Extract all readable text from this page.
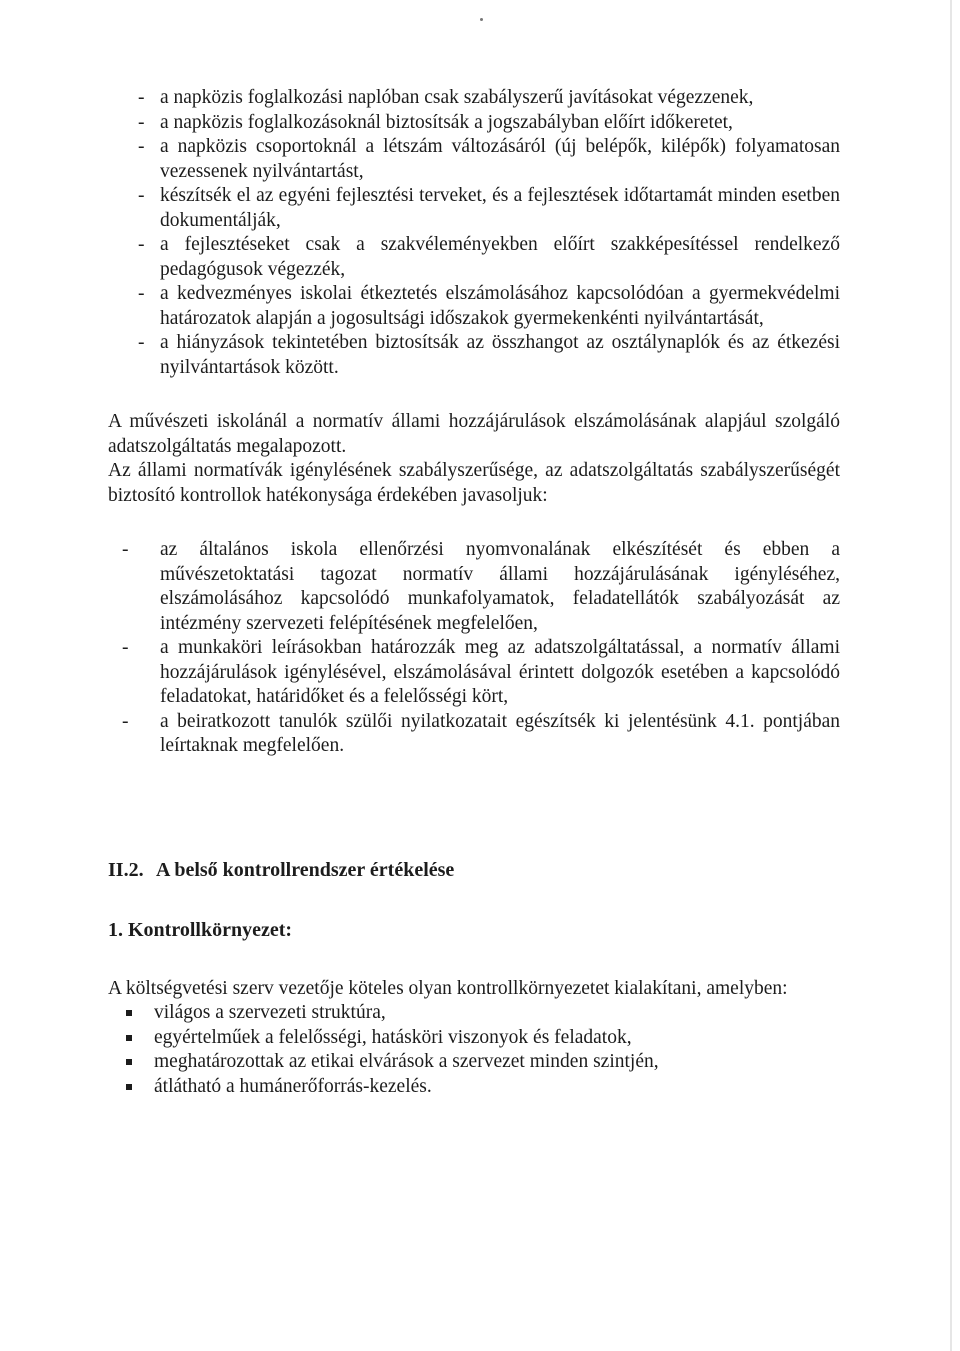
- a napközis foglalkozási naplóban csak szabályszerű javításokat végezzenek,
- a napközis foglalkozásoknál biztosítsák a jogszabályban előírt időkeretet,
- a napközis csoportoknál a létszám változásáról (új belépők, kilépők) folyamatosan vezessenek nyilvántartást,
- készítsék el az egyéni fejlesztési terveket, és a fejlesztések időtartamát minden esetben dokumentálják,
- a fejlesztéseket csak a szakvéleményekben előírt szakképesítéssel rendelkező pedagógusok végezzék,
- a kedvezményes iskolai étkeztetés elszámolásához kapcsolódóan a gyermekvédelmi határozatok alapján a jogosultsági időszakok gyermekenkénti nyilvántartását,
- a hiányzások tekintetében biztosítsák az összhangot az osztálynaplók és az étkezési nyilvántartások között.

A művészeti iskolánál a normatív állami hozzájárulások elszámolásának alapjául szolgáló adatszolgáltatás megalapozott.

Az állami normatívák igénylésének szabályszerűsége, az adatszolgáltatás szabályszerűségét biztosító kontrollok hatékonysága érdekében javasoljuk:

- az általános iskola ellenőrzési nyomvonalának elkészítését és ebben a művészetoktatási tagozat normatív állami hozzájárulásának igényléséhez, elszámolásához kapcsolódó munkafolyamatok, feladatellátók szabályozását az intézmény szervezeti felépítésének megfelelően,
- a munkaköri leírásokban határozzák meg az adatszolgáltatással, a normatív állami hozzájárulások igénylésével, elszámolásával érintett dolgozók esetében a kapcsolódó feladatokat, határidőket és a felelősségi kört,
- a beiratkozott tanulók szülői nyilatkozatait egészítsék ki jelentésünk 4.1. pontjában leírtaknak megfelelően.
II.2. A belső kontrollrendszer értékelése
1. Kontrollkörnyezet:

A költségvetési szerv vezetője köteles olyan kontrollkörnyezetet kialakítani, amelyben:

világos a szervezeti struktúra,
egyértelműek a felelősségi, hatásköri viszonyok és feladatok,
meghatározottak az etikai elvárások a szervezet minden szintjén,
átlátható a humánerőforrás-kezelés.
